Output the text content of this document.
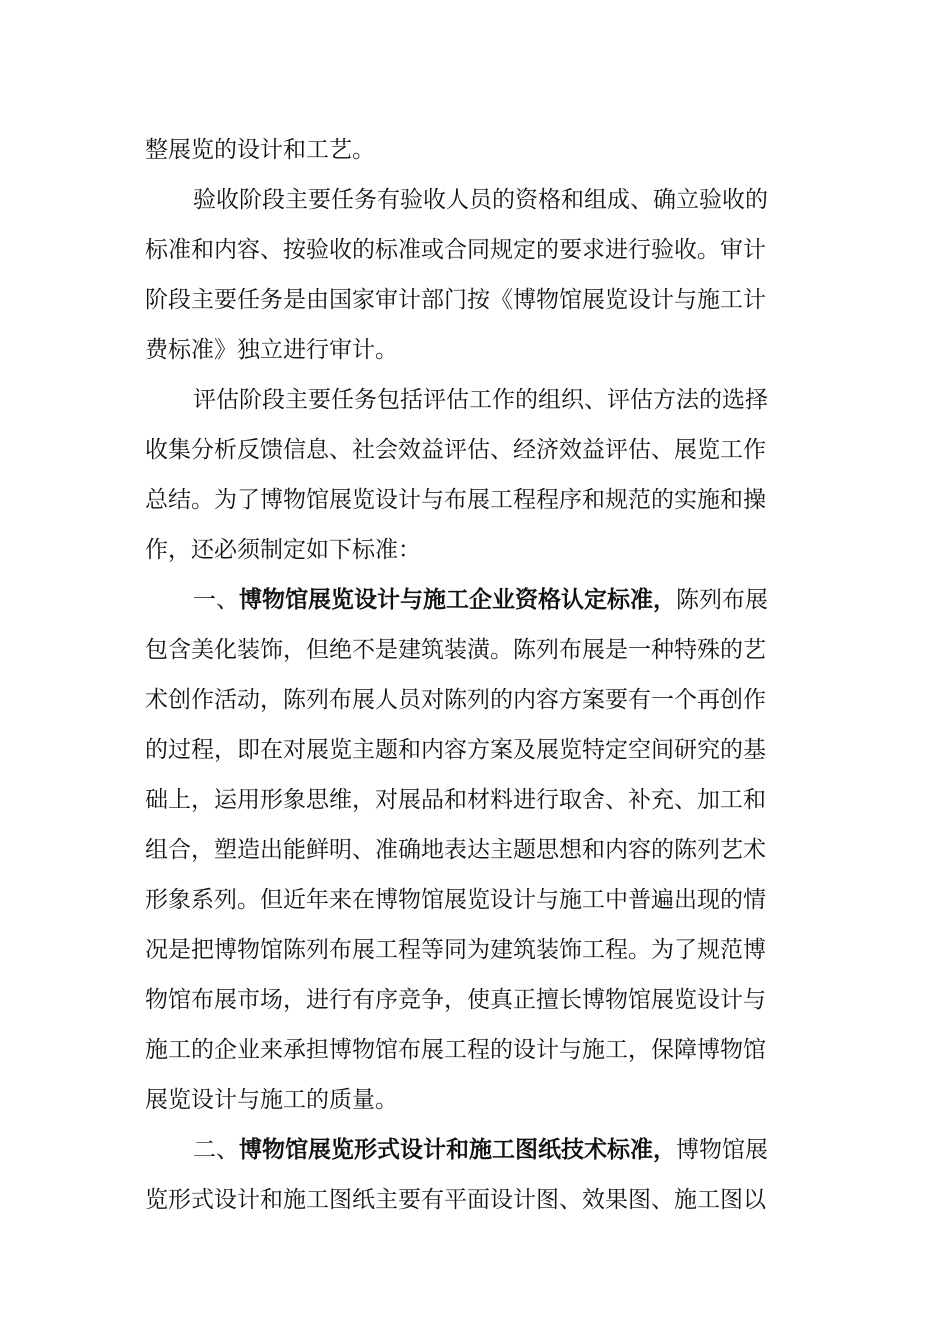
整展览的设计和工艺。
验收阶段主要任务有验收人员的资格和组成、确立验收的
标准和内容、按验收的标准或合同规定的要求进行验收。审计
阶段主要任务是由国家审计部门按《博物馆展览设计与施工计
费标准》独立进行审计。
评估阶段主要任务包括评估工作的组织、评估方法的选择
收集分析反馈信息、社会效益评估、经济效益评估、展览工作
总结。为了博物馆展览设计与布展工程程序和规范的实施和操
作，还必须制定如下标准：
一、博物馆展览设计与施工企业资格认定标准，陈列布展
包含美化装饰，但绝不是建筑装潢。陈列布展是一种特殊的艺
术创作活动，陈列布展人员对陈列的内容方案要有一个再创作
的过程，即在对展览主题和内容方案及展览特定空间研究的基
础上，运用形象思维，对展品和材料进行取舍、补充、加工和
组合，塑造出能鲜明、准确地表达主题思想和内容的陈列艺术
形象系列。但近年来在博物馆展览设计与施工中普遍出现的情
况是把博物馆陈列布展工程等同为建筑装饰工程。为了规范博
物馆布展市场，进行有序竞争，使真正擅长博物馆展览设计与
施工的企业来承担博物馆布展工程的设计与施工，保障博物馆
展览设计与施工的质量。
二、博物馆展览形式设计和施工图纸技术标准，博物馆展
览形式设计和施工图纸主要有平面设计图、效果图、施工图以
